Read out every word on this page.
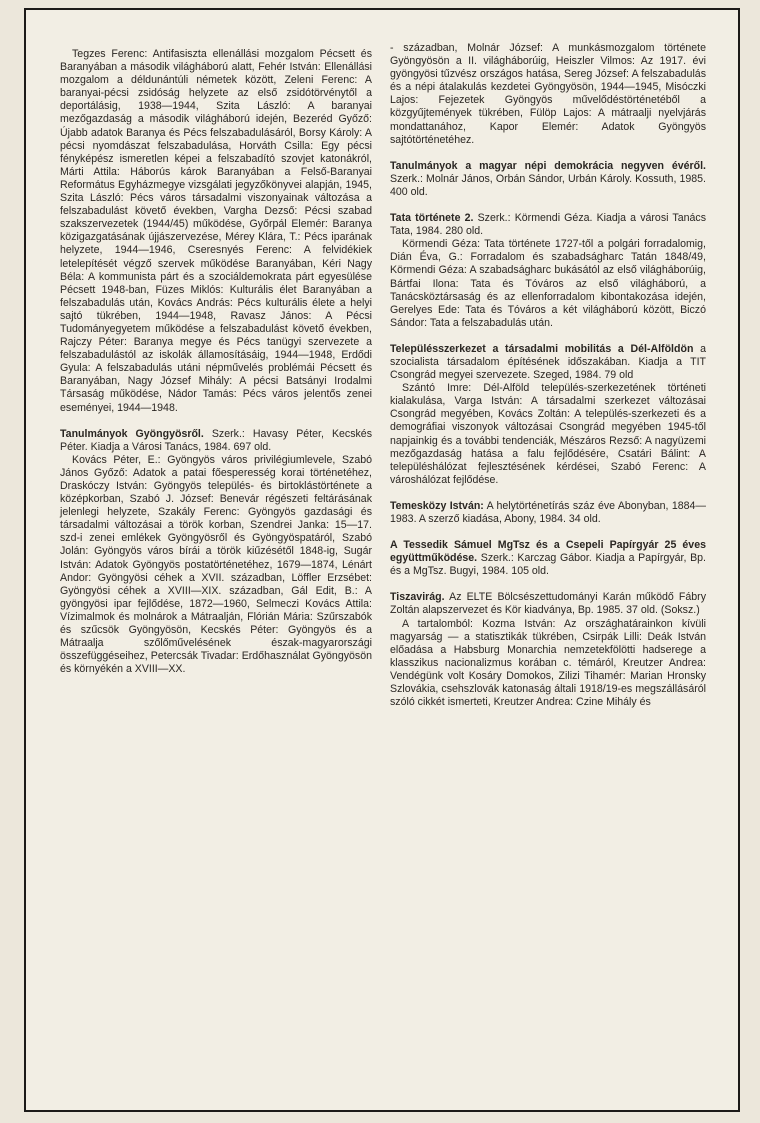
Tegzes Ferenc: Antifasiszta ellenállási mozgalom Pécsett és Baranyában a második világháború alatt, Fehér István: Ellenállási mozgalom a déldunántúli németek között, Zeleni Ferenc: A baranyai-pécsi zsidóság helyzete az első zsidótörvénytől a deportálásig, 1938—1944, Szita László: A baranyai mezőgazdaság a második világháború idején, Bezeréd Győző: Újabb adatok Baranya és Pécs felszabadulásáról, Borsy Károly: A pécsi nyomdászat felszabadulása, Horváth Csilla: Egy pécsi fényképész ismeretlen képei a felszabadító szovjet katonákról, Márti Attila: Háborús károk Baranyában a Felső-Baranyai Református Egyházmegye vizsgálati jegyzőkönyvei alapján, 1945, Szita László: Pécs város társadalmi viszonyainak változása a felszabadulást követő években, Vargha Dezső: Pécsi szabad szakszervezetek (1944/45) működése, Győrpál Elemér: Baranya közigazgatásának újjászervezése, Mérey Klára, T.: Pécs iparának helyzete, 1944—1946, Cseresnyés Ferenc: A felvidékiek letelepítését végző szervek működése Baranyában, Kéri Nagy Béla: A kommunista párt és a szociáldemokrata párt egyesülése Pécsett 1948-ban, Füzes Miklós: Kulturális élet Baranyában a felszabadulás után, Kovács András: Pécs kulturális élete a helyi sajtó tükrében, 1944—1948, Ravasz János: A Pécsi Tudományegyetem működése a felszabadulást követő években, Rajczy Péter: Baranya megye és Pécs tanügyi szervezete a felszabadulástól az iskolák államosításáig, 1944—1948, Erdődi Gyula: A felszabadulás utáni népművelés problémái Pécsett és Baranyában, Nagy József Mihály: A pécsi Batsányi Irodalmi Társaság működése, Nádor Tamás: Pécs város jelentős zenei eseményei, 1944—1948.

Tanulmányok Gyöngyösről. Szerk.: Havasy Péter, Kecskés Péter. Kiadja a Városi Tanács, 1984. 697 old.

Kovács Péter, E.: Gyöngyös város privilégiumlevele, Szabó János Győző: Adatok a patai főesperesség korai történetéhez, Draskóczy István: Gyöngyös település- és birtoklástörténete a középkorban, Szabó J. József: Benevár régészeti feltárásának jelenlegi helyzete, Szakály Ferenc: Gyöngyös gazdasági és társadalmi változásai a török korban, Szendrei Janka: 15—17. szd-i zenei emlékek Gyöngyösről és Gyöngyöspatáról, Szabó Jolán: Gyöngyös város bírái a török kiűzésétől 1848-ig, Sugár István: Adatok Gyöngyös postatörténetéhez, 1679—1874, Lénárt Andor: Gyöngyösi céhek a XVII. században, Löffler Erzsébet: Gyöngyösi céhek a XVIII—XIX. században, Gál Edit, B.: A gyöngyösi ipar fejlődése, 1872—1960, Selmeczi Kovács Attila: Vízimalmok és molnárok a Mátraalján, Flórián Mária: Szűrszabók és szűcsök Gyöngyösön, Kecskés Péter: Gyöngyös és a Mátraalja szőlőművelésének észak-magyarországi összefüggéseihez, Petercsák Tivadar: Erdőhasználat Gyöngyösön és környékén a XVIII—XX.

- században, Molnár József: A munkásmozgalom története Gyöngyösön a II. világháborúig, Heiszler Vilmos: Az 1917. évi gyöngyösi tűzvész országos hatása, Sereg József: A felszabadulás és a népi átalakulás kezdetei Gyöngyösön, 1944—1945, Misóczki Lajos: Fejezetek Gyöngyös művelődéstörténetéből a közgyűjtemények tükrében, Fülöp Lajos: A mátraalji nyelvjárás mondattanához, Kapor Elemér: Adatok Gyöngyös sajtótörténetéhez.

Tanulmányok a magyar népi demokrácia negyven évéről. Szerk.: Molnár János, Orbán Sándor, Urbán Károly. Kossuth, 1985. 400 old.

Tata története 2. Szerk.: Körmendi Géza. Kiadja a városi Tanács Tata, 1984. 280 old.

Körmendi Géza: Tata története 1727-től a polgári forradalomig, Dián Éva, G.: Forradalom és szabadságharc Tatán 1848/49, Körmendi Géza: A szabadságharc bukásától az első világháborúig, Bártfai Ilona: Tata és Tóváros az első világháború, a Tanácsköztársaság és az ellenforradalom kibontakozása idején, Gerelyes Ede: Tata és Tóváros a két világháború között, Biczó Sándor: Tata a felszabadulás után.

Településszerkezet a társadalmi mobilitás a Dél-Alföldön a szocialista társadalom építésének időszakában. Kiadja a TIT Csongrád megyei szervezete. Szeged, 1984. 79 old

Szántó Imre: Dél-Alföld település-szerkezetének történeti kialakulása, Varga István: A társadalmi szerkezet változásai Csongrád megyében, Kovács Zoltán: A település-szerkezeti és a demográfiai viszonyok változásai Csongrád megyében 1945-től napjainkig és a további tendenciák, Mészáros Rezső: A nagyüzemi mezőgazdaság hatása a falu fejlődésére, Csatári Bálint: A településhálózat fejlesztésének kérdései, Szabó Ferenc: A városhálózat fejlődése.

Temesközy István: A helytörténetírás száz éve Abonyban, 1884—1983. A szerző kiadása, Abony, 1984. 34 old.

A Tessedik Sámuel MgTsz és a Csepeli Papírgyár 25 éves együttműködése. Szerk.: Karczag Gábor. Kiadja a Papírgyár, Bp. és a MgTsz. Bugyi, 1984. 105 old.

Tiszavirág. Az ELTE Bölcsészettudományi Karán működő Fábry Zoltán alapszervezet és Kör kiadványa, Bp. 1985. 37 old. (Soksz.)

A tartalomból: Kozma István: Az országhatárainkon kívüli magyarság — a statisztikák tükrében, Csirpák Lilli: Deák István előadása a Habsburg Monarchia nemzetekfölötti hadserege a klasszikus nacionalizmus korában c. témáról, Kreutzer Andrea: Vendégünk volt Kosáry Domokos, Zilizi Tihamér: Marian Hronsky Szlovákia, csehszlovák katonaság általi 1918/19-es megszállásáról szóló cikkét ismerteti, Kreutzer Andrea: Czine Mihály és
